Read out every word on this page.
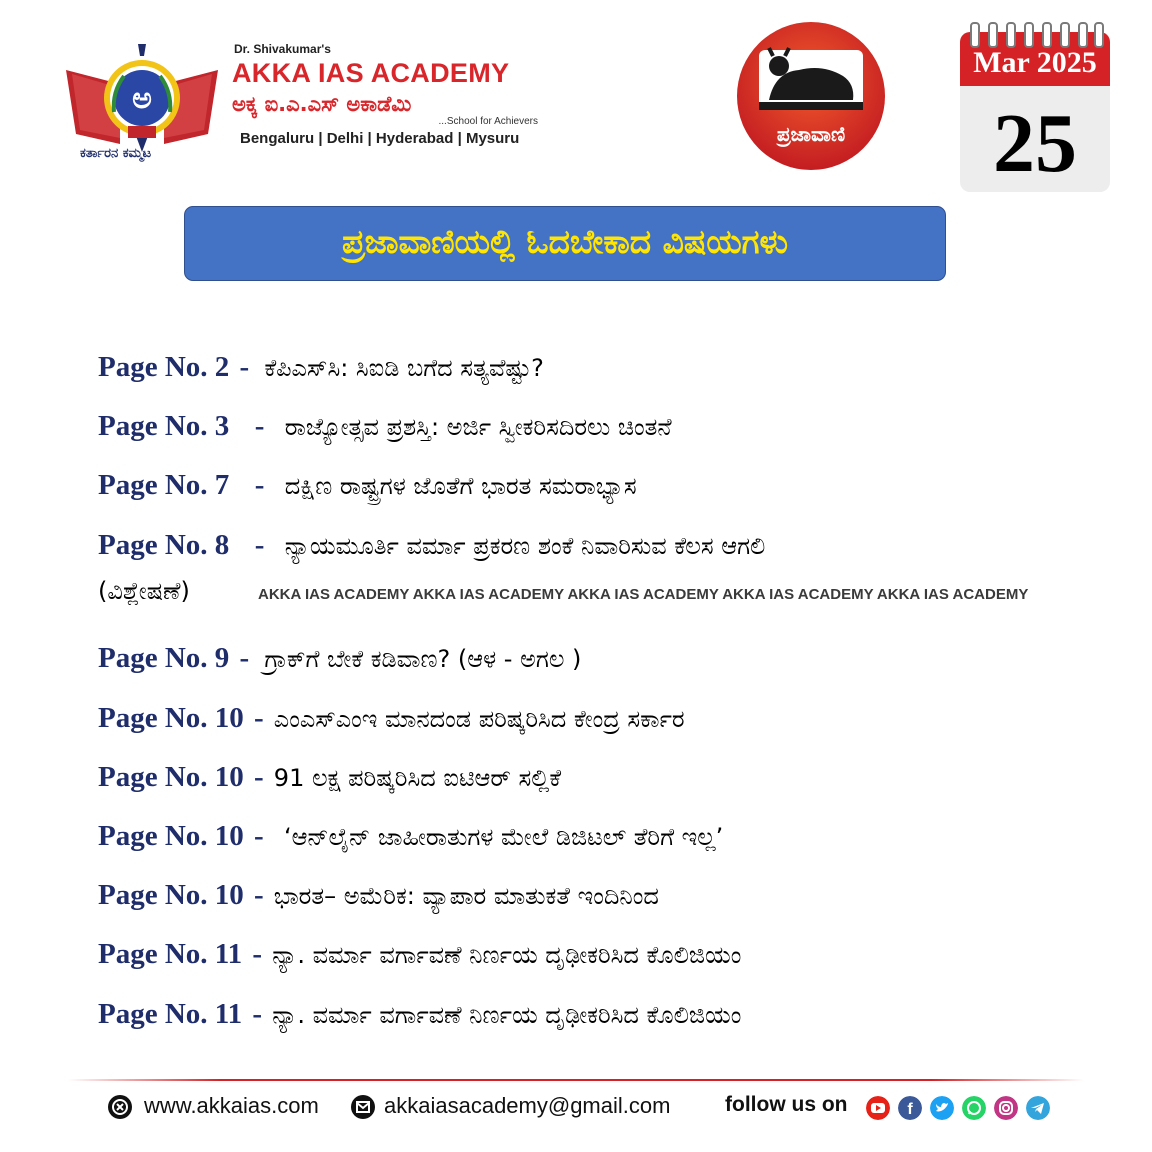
ಅ
ಕರ್ತಾರನ ಕಮ್ಮಟ
Dr. Shivakumar's
AKKA IAS ACADEMY
ಅಕ್ಕ ಐ.ಎ.ಎಸ್ ಅಕಾಡೆಮಿ
...School for Achievers
Bengaluru | Delhi | Hyderabad | Mysuru	ಪ್ರಜಾವಾಣಿ
Mar 2025
25
ಪ್ರಜಾವಾಣಿಯಲ್ಲಿ ಓದಬೇಕಾದ ವಿಷಯಗಳು
Page No. 2 - ಕೆಪಿಎಸ್‌ಸಿ: ಸಿಐಡಿ ಬಗೆದ ಸತ್ಯವೆಷ್ಟು?
Page No. 3 - ರಾಜ್ಯೋತ್ಸವ ಪ್ರಶಸ್ತಿ: ಅರ್ಜಿ ಸ್ವೀಕರಿಸದಿರಲು ಚಿಂತನೆ
Page No. 7 - ದಕ್ಷಿಣ ರಾಷ್ಟ್ರಗಳ ಜೊತೆಗೆ ಭಾರತ ಸಮರಾಭ್ಯಾಸ
Page No. 8 - ನ್ಯಾಯಮೂರ್ತಿ ವರ್ಮಾ ಪ್ರಕರಣ ಶಂಕೆ ನಿವಾರಿಸುವ ಕೆಲಸ ಆಗಲಿ
(ವಿಶ್ಲೇಷಣೆ)	AKKA IAS ACADEMY AKKA IAS ACADEMY AKKA IAS ACADEMY AKKA IAS ACADEMY AKKA IAS ACADEMY
Page No. 9 - ಗ್ರಾಕ್‌ಗೆ ಬೇಕೆ ಕಡಿವಾಣ? (ಆಳ - ಅಗಲ )
Page No. 10 - ಎಂಎಸ್‌ಎಂಇ ಮಾನದಂಡ ಪರಿಷ್ಕರಿಸಿದ ಕೇಂದ್ರ ಸರ್ಕಾರ
Page No. 10 - 91 ಲಕ್ಷ ಪರಿಷ್ಕರಿಸಿದ ಐಟಿಆರ್ ಸಲ್ಲಿಕೆ
Page No. 10 - ‘ಆನ್‌ಲೈನ್ ಜಾಹೀರಾತುಗಳ ಮೇಲೆ ಡಿಜಿಟಲ್ ತೆರಿಗೆ ಇಲ್ಲ’
Page No. 10 - ಭಾರತ– ಅಮೆರಿಕ: ವ್ಯಾಪಾರ ಮಾತುಕತೆ ಇಂದಿನಿಂದ
Page No. 11 - ನ್ಯಾ. ವರ್ಮಾ ವರ್ಗಾವಣೆ ನಿರ್ಣಯ ದೃಢೀಕರಿಸಿದ ಕೊಲಿಜಿಯಂ
Page No. 11 - ನ್ಯಾ. ವರ್ಮಾ ವರ್ಗಾವಣೆ ನಿರ್ಣಯ ದೃಢೀಕರಿಸಿದ ಕೊಲಿಜಿಯಂ
www.akkaias.com	akkaiasacademy@gmail.com	follow us on	f
